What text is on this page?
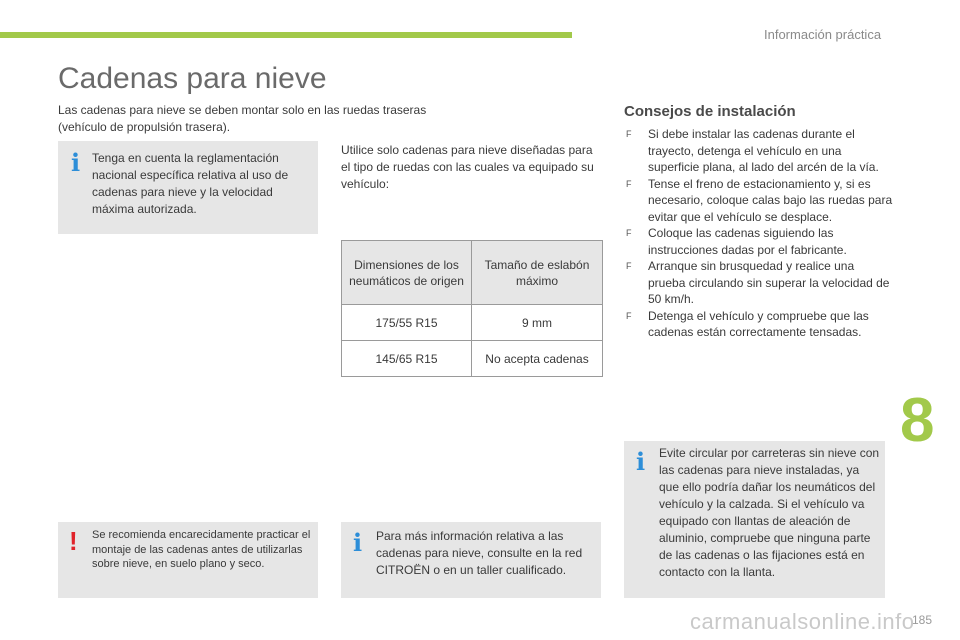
Información práctica
8
Cadenas para nieve

Las cadenas para nieve se deben montar solo en las ruedas traseras (vehículo de propulsión trasera).

i Tenga en cuenta la reglamentación nacional específica relativa al uso de cadenas para nieve y la velocidad máxima autorizada.

Utilice solo cadenas para nieve diseñadas para el tipo de ruedas con las cuales va equipado su vehículo:

Dimensiones de los neumáticos de origen	Tamaño de eslabón máximo
175/55 R15	9 mm
145/65 R15	No acepta cadenas
! Se recomienda encarecidamente practicar el montaje de las cadenas antes de utilizarlas sobre nieve, en suelo plano y seco.

i Para más información relativa a las cadenas para nieve, consulte en la red CITROËN o en un taller cualificado.

Consejos de instalación
F Si debe instalar las cadenas durante el trayecto, detenga el vehículo en una superficie plana, al lado del arcén de la vía.
F Tense el freno de estacionamiento y, si es necesario, coloque calas bajo las ruedas para evitar que el vehículo se desplace.
F Coloque las cadenas siguiendo las instrucciones dadas por el fabricante.
F Arranque sin brusquedad y realice una prueba circulando sin superar la velocidad de 50 km/h.
F Detenga el vehículo y compruebe que las cadenas están correctamente tensadas.
i Evite circular por carreteras sin nieve con las cadenas para nieve instaladas, ya que ello podría dañar los neumáticos del vehículo y la calzada. Si el vehículo va equipado con llantas de aleación de aluminio, compruebe que ninguna parte de las cadenas o las fijaciones está en contacto con la llanta.

carmanualsonline.info
185
